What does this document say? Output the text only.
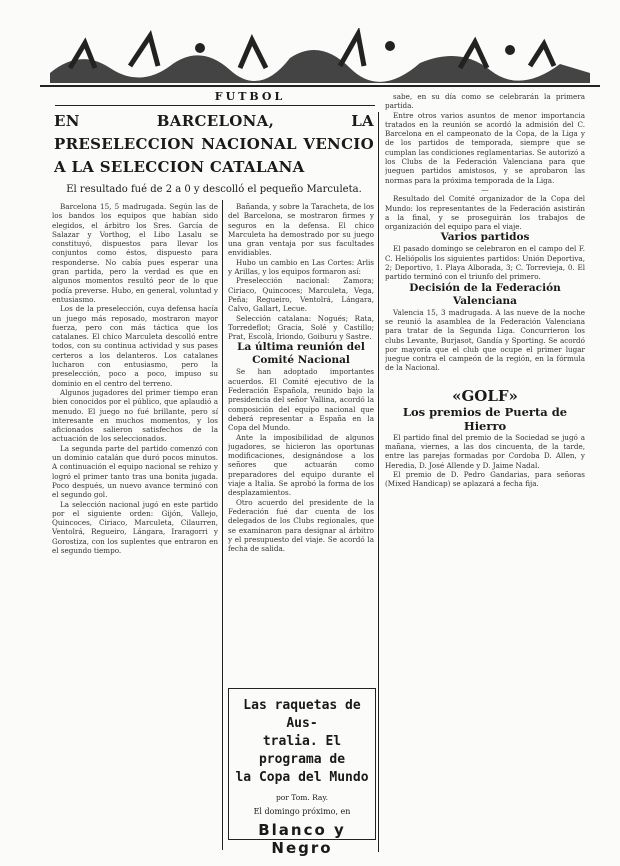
FUTBOL
EN BARCELONA, LA PRESELECCION NACIONAL VENCIO A LA SELECCION CATALANA
El resultado fué de 2 a 0 y descolló el pequeño Marculeta.

Barcelona 15, 5 madrugada. Según las de los bandos los equipos que habían sido elegidos, el árbitro los Sres. García de Salazar y Vorthog, el Libo Lasalu se constituyó, dispuestos para llevar los conjuntos como éstos, dispuesto para responderse. No cabía pues esperar una gran partida, pero la verdad es que en algunos momentos resultó peor de lo que podía preverse. Hubo, en general, voluntad y entusiasmo.

Los de la preselección, cuya defensa hacía un juego más reposado, mostraron mayor fuerza, pero con más táctica que los catalanes. El chico Marculeta descolló entre todos, con su continua actividad y sus pases certeros a los delanteros. Los catalanes lucharon con entusiasmo, pero la preselección, poco a poco, impuso su dominio en el centro del terreno.

Algunos jugadores del primer tiempo eran bien conocidos por el público, que aplaudió a menudo. El juego no fué brillante, pero sí interesante en muchos momentos, y los aficionados salieron satisfechos de la actuación de los seleccionados.

La segunda parte del partido comenzó con un dominio catalán que duró pocos minutos. A continuación el equipo nacional se rehizo y logró el primer tanto tras una bonita jugada. Poco después, un nuevo avance terminó con el segundo gol.

La selección nacional jugó en este partido por el siguiente orden: Gijón, Vallejo, Quincoces, Ciriaco, Marculeta, Cilaurren, Ventolrá, Regueiro, Lángara, Iraragorri y Gorostiza, con los suplentes que entraron en el segundo tiempo.

Bañanda, y sobre la Taracheta, de los del Barcelona, se mostraron firmes y seguros en la defensa. El chico Marculeta ha demostrado por su juego una gran ventaja por sus facultades envidiables.

Hubo un cambio en Las Cortes: Arlis y Arillas, y los equipos formaron así:

Preselección nacional: Zamora; Ciriaco, Quincoces; Marculeta, Vega, Peña; Regueiro, Ventolrá, Lángara, Calvo, Gallart, Lecue.

Selección catalana: Nogués; Rata, Torredeflot; Gracia, Solé y Castillo; Prat, Escolà, Iriondo, Goiburu y Sastre.

La última reunión del Comité Nacional

Se han adoptado importantes acuerdos. El Comité ejecutivo de la Federación Española, reunido bajo la presidencia del señor Vallina, acordó la composición del equipo nacional que deberá representar a España en la Copa del Mundo.

Ante la imposibilidad de algunos jugadores, se hicieron las oportunas modificaciones, designándose a los señores que actuarán como preparadores del equipo durante el viaje a Italia. Se aprobó la forma de los desplazamientos.

Otro acuerdo del presidente de la Federación fué dar cuenta de los delegados de los Clubs regionales, que se examinaron para designar al árbitro y el presupuesto del viaje. Se acordó la fecha de salida.

Las raquetas de Aus-
tralia. El programa de
la Copa del Mundo
por Tom. Ray.
El domingo próximo, en
Blanco y Negro

sabe, en su día como se celebrarán la primera partida.

Entre otros varios asuntos de menor importancia tratados en la reunión se acordó la admisión del C. Barcelona en el campeonato de la Copa, de la Liga y de los partidos de temporada, siempre que se cumplan las condiciones reglamentarias. Se autorizó a los Clubs de la Federación Valenciana para que jueguen partidos amistosos, y se aprobaron las normas para la próxima temporada de la Liga.

—

Resultado del Comité organizador de la Copa del Mundo: los representantes de la Federación asistirán a la final, y se proseguirán los trabajos de organización del equipo para el viaje.

Varios partidos

El pasado domingo se celebraron en el campo del F. C. Heliópolis los siguientes partidos: Unión Deportiva, 2; Deportivo, 1. Playa Alborada, 3; C. Torrevieja, 0. El partido terminó con el triunfo del primero.

Decisión de la Federación Valenciana

Valencia 15, 3 madrugada. A las nueve de la noche se reunió la asamblea de la Federación Valenciana para tratar de la Segunda Liga. Concurrieron los clubs Levante, Burjasot, Gandía y Sporting. Se acordó por mayoría que el club que ocupe el primer lugar juegue contra el campeón de la región, en la fórmula de la Nacional.

«GOLF»

Los premios de Puerta de Hierro

El partido final del premio de la Sociedad se jugó a mañana, viernes, a las dos cincuenta, de la tarde, entre las parejas formadas por Cordoba D. Allen, y Heredia, D. José Allende y D. Jaime Nadal.

El premio de D. Pedro Gandarias, para señoras (Mixed Handicap) se aplazará a fecha fija.
